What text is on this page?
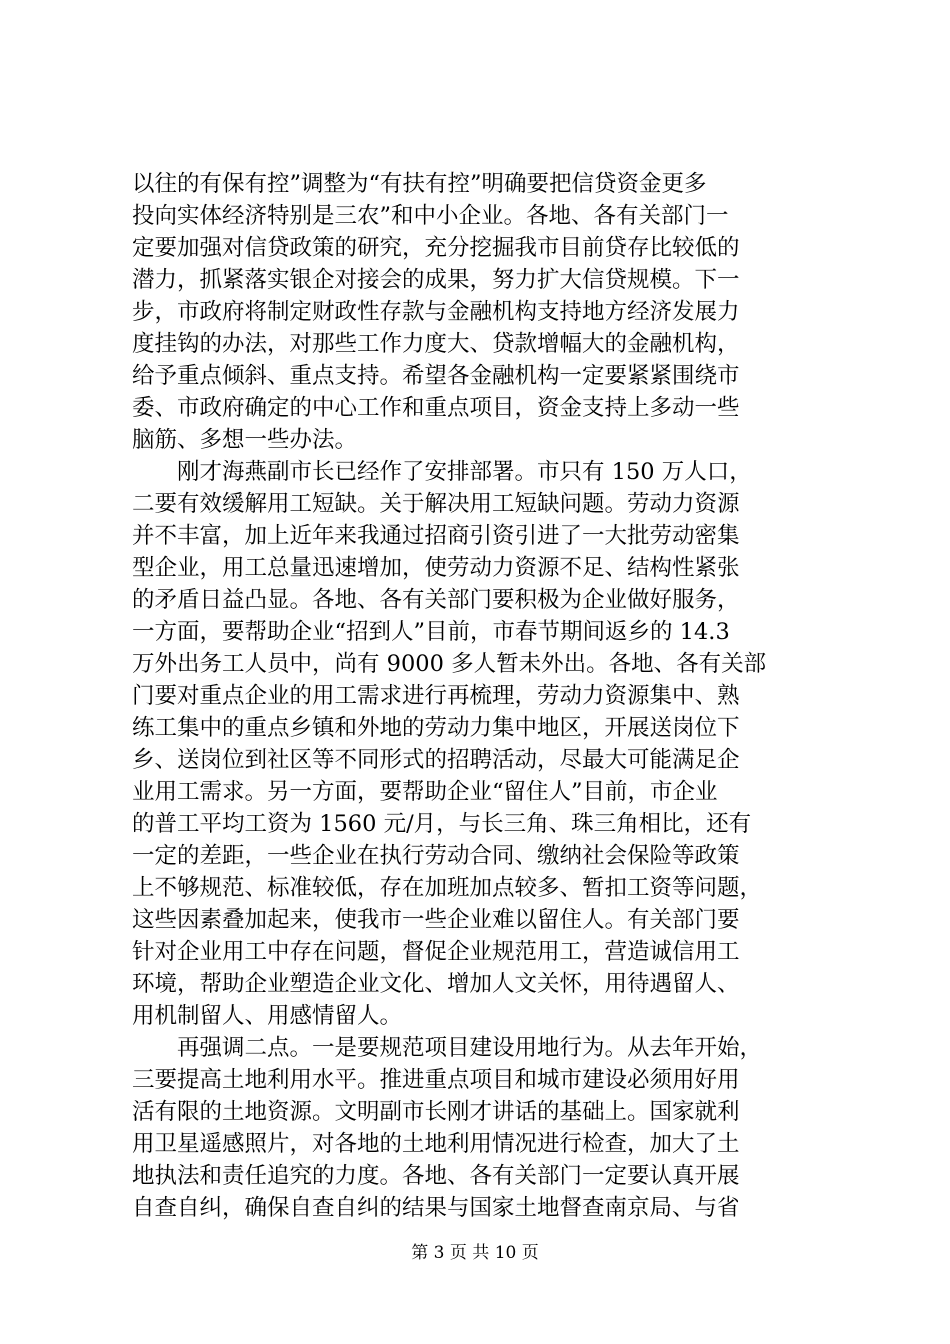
以往的有保有控”调整为“有扶有控”明确要把信贷资金更多
投向实体经济特别是三农”和中小企业。各地、各有关部门一
定要加强对信贷政策的研究，充分挖掘我市目前贷存比较低的
潜力，抓紧落实银企对接会的成果，努力扩大信贷规模。下一
步，市政府将制定财政性存款与金融机构支持地方经济发展力
度挂钩的办法，对那些工作力度大、贷款增幅大的金融机构，
给予重点倾斜、重点支持。希望各金融机构一定要紧紧围绕市
委、市政府确定的中心工作和重点项目，资金支持上多动一些
脑筋、多想一些办法。
　　刚才海燕副市长已经作了安排部署。市只有 150 万人口，
二要有效缓解用工短缺。关于解决用工短缺问题。劳动力资源
并不丰富，加上近年来我通过招商引资引进了一大批劳动密集
型企业，用工总量迅速增加，使劳动力资源不足、结构性紧张
的矛盾日益凸显。各地、各有关部门要积极为企业做好服务，
一方面，要帮助企业“招到人”目前，市春节期间返乡的 14.3
万外出务工人员中，尚有 9000 多人暂未外出。各地、各有关部
门要对重点企业的用工需求进行再梳理，劳动力资源集中、熟
练工集中的重点乡镇和外地的劳动力集中地区，开展送岗位下
乡、送岗位到社区等不同形式的招聘活动，尽最大可能满足企
业用工需求。另一方面，要帮助企业“留住人”目前，市企业
的普工平均工资为 1560 元/月，与长三角、珠三角相比，还有
一定的差距，一些企业在执行劳动合同、缴纳社会保险等政策
上不够规范、标准较低，存在加班加点较多、暂扣工资等问题，
这些因素叠加起来，使我市一些企业难以留住人。有关部门要
针对企业用工中存在问题，督促企业规范用工，营造诚信用工
环境，帮助企业塑造企业文化、增加人文关怀，用待遇留人、
用机制留人、用感情留人。
　　再强调二点。一是要规范项目建设用地行为。从去年开始，
三要提高土地利用水平。推进重点项目和城市建设必须用好用
活有限的土地资源。文明副市长刚才讲话的基础上。国家就利
用卫星遥感照片，对各地的土地利用情况进行检查，加大了土
地执法和责任追究的力度。各地、各有关部门一定要认真开展
自查自纠，确保自查自纠的结果与国家土地督查南京局、与省
第 3 页 共 10 页
